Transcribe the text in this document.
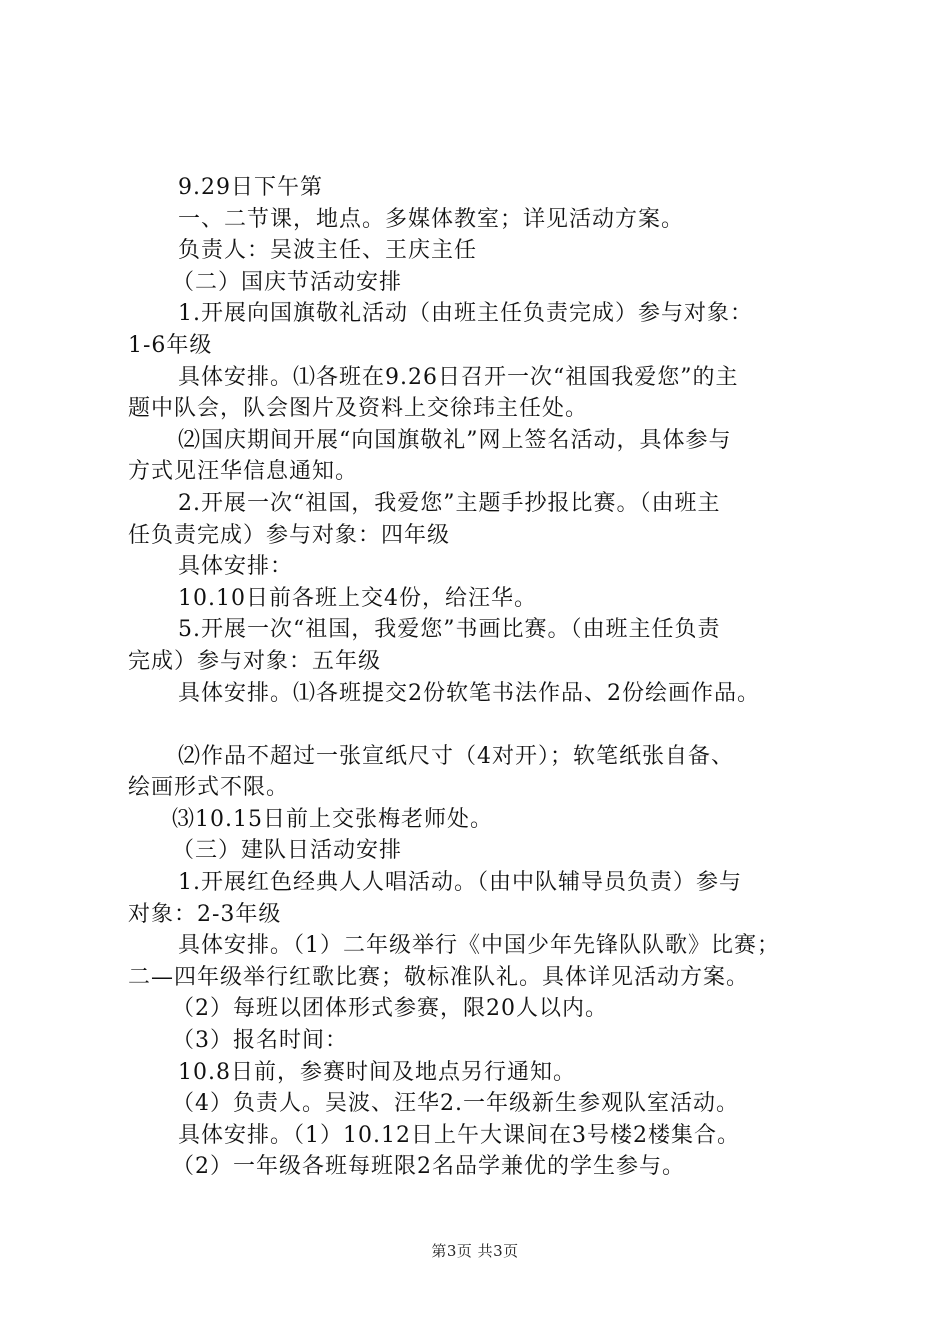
9.29日下午第
一、二节课，地点。多媒体教室；详见活动方案。
负责人：吴波主任、王庆主任
（二）国庆节活动安排
1.开展向国旗敬礼活动（由班主任负责完成）参与对象：
1-6年级
具体安排。⑴各班在9.26日召开一次“祖国我爱您”的主
题中队会，队会图片及资料上交徐玮主任处。
⑵国庆期间开展“向国旗敬礼”网上签名活动，具体参与
方式见汪华信息通知。
2.开展一次“祖国，我爱您”主题手抄报比赛。（由班主
任负责完成）参与对象：四年级
具体安排：
10.10日前各班上交4份，给汪华。
5.开展一次“祖国，我爱您”书画比赛。（由班主任负责
完成）参与对象：五年级
具体安排。⑴各班提交2份软笔书法作品、2份绘画作品。
⑵作品不超过一张宣纸尺寸（4对开）；软笔纸张自备、
绘画形式不限。
⑶10.15日前上交张梅老师处。
（三）建队日活动安排
1.开展红色经典人人唱活动。（由中队辅导员负责）参与
对象：2-3年级
具体安排。（1）二年级举行《中国少年先锋队队歌》比赛；
二—四年级举行红歌比赛；敬标准队礼。具体详见活动方案。
（2）每班以团体形式参赛，限20人以内。
（3）报名时间：
10.8日前，参赛时间及地点另行通知。
（4）负责人。吴波、汪华2.一年级新生参观队室活动。
具体安排。（1）10.12日上午大课间在3号楼2楼集合。
（2）一年级各班每班限2名品学兼优的学生参与。
第3页 共3页
